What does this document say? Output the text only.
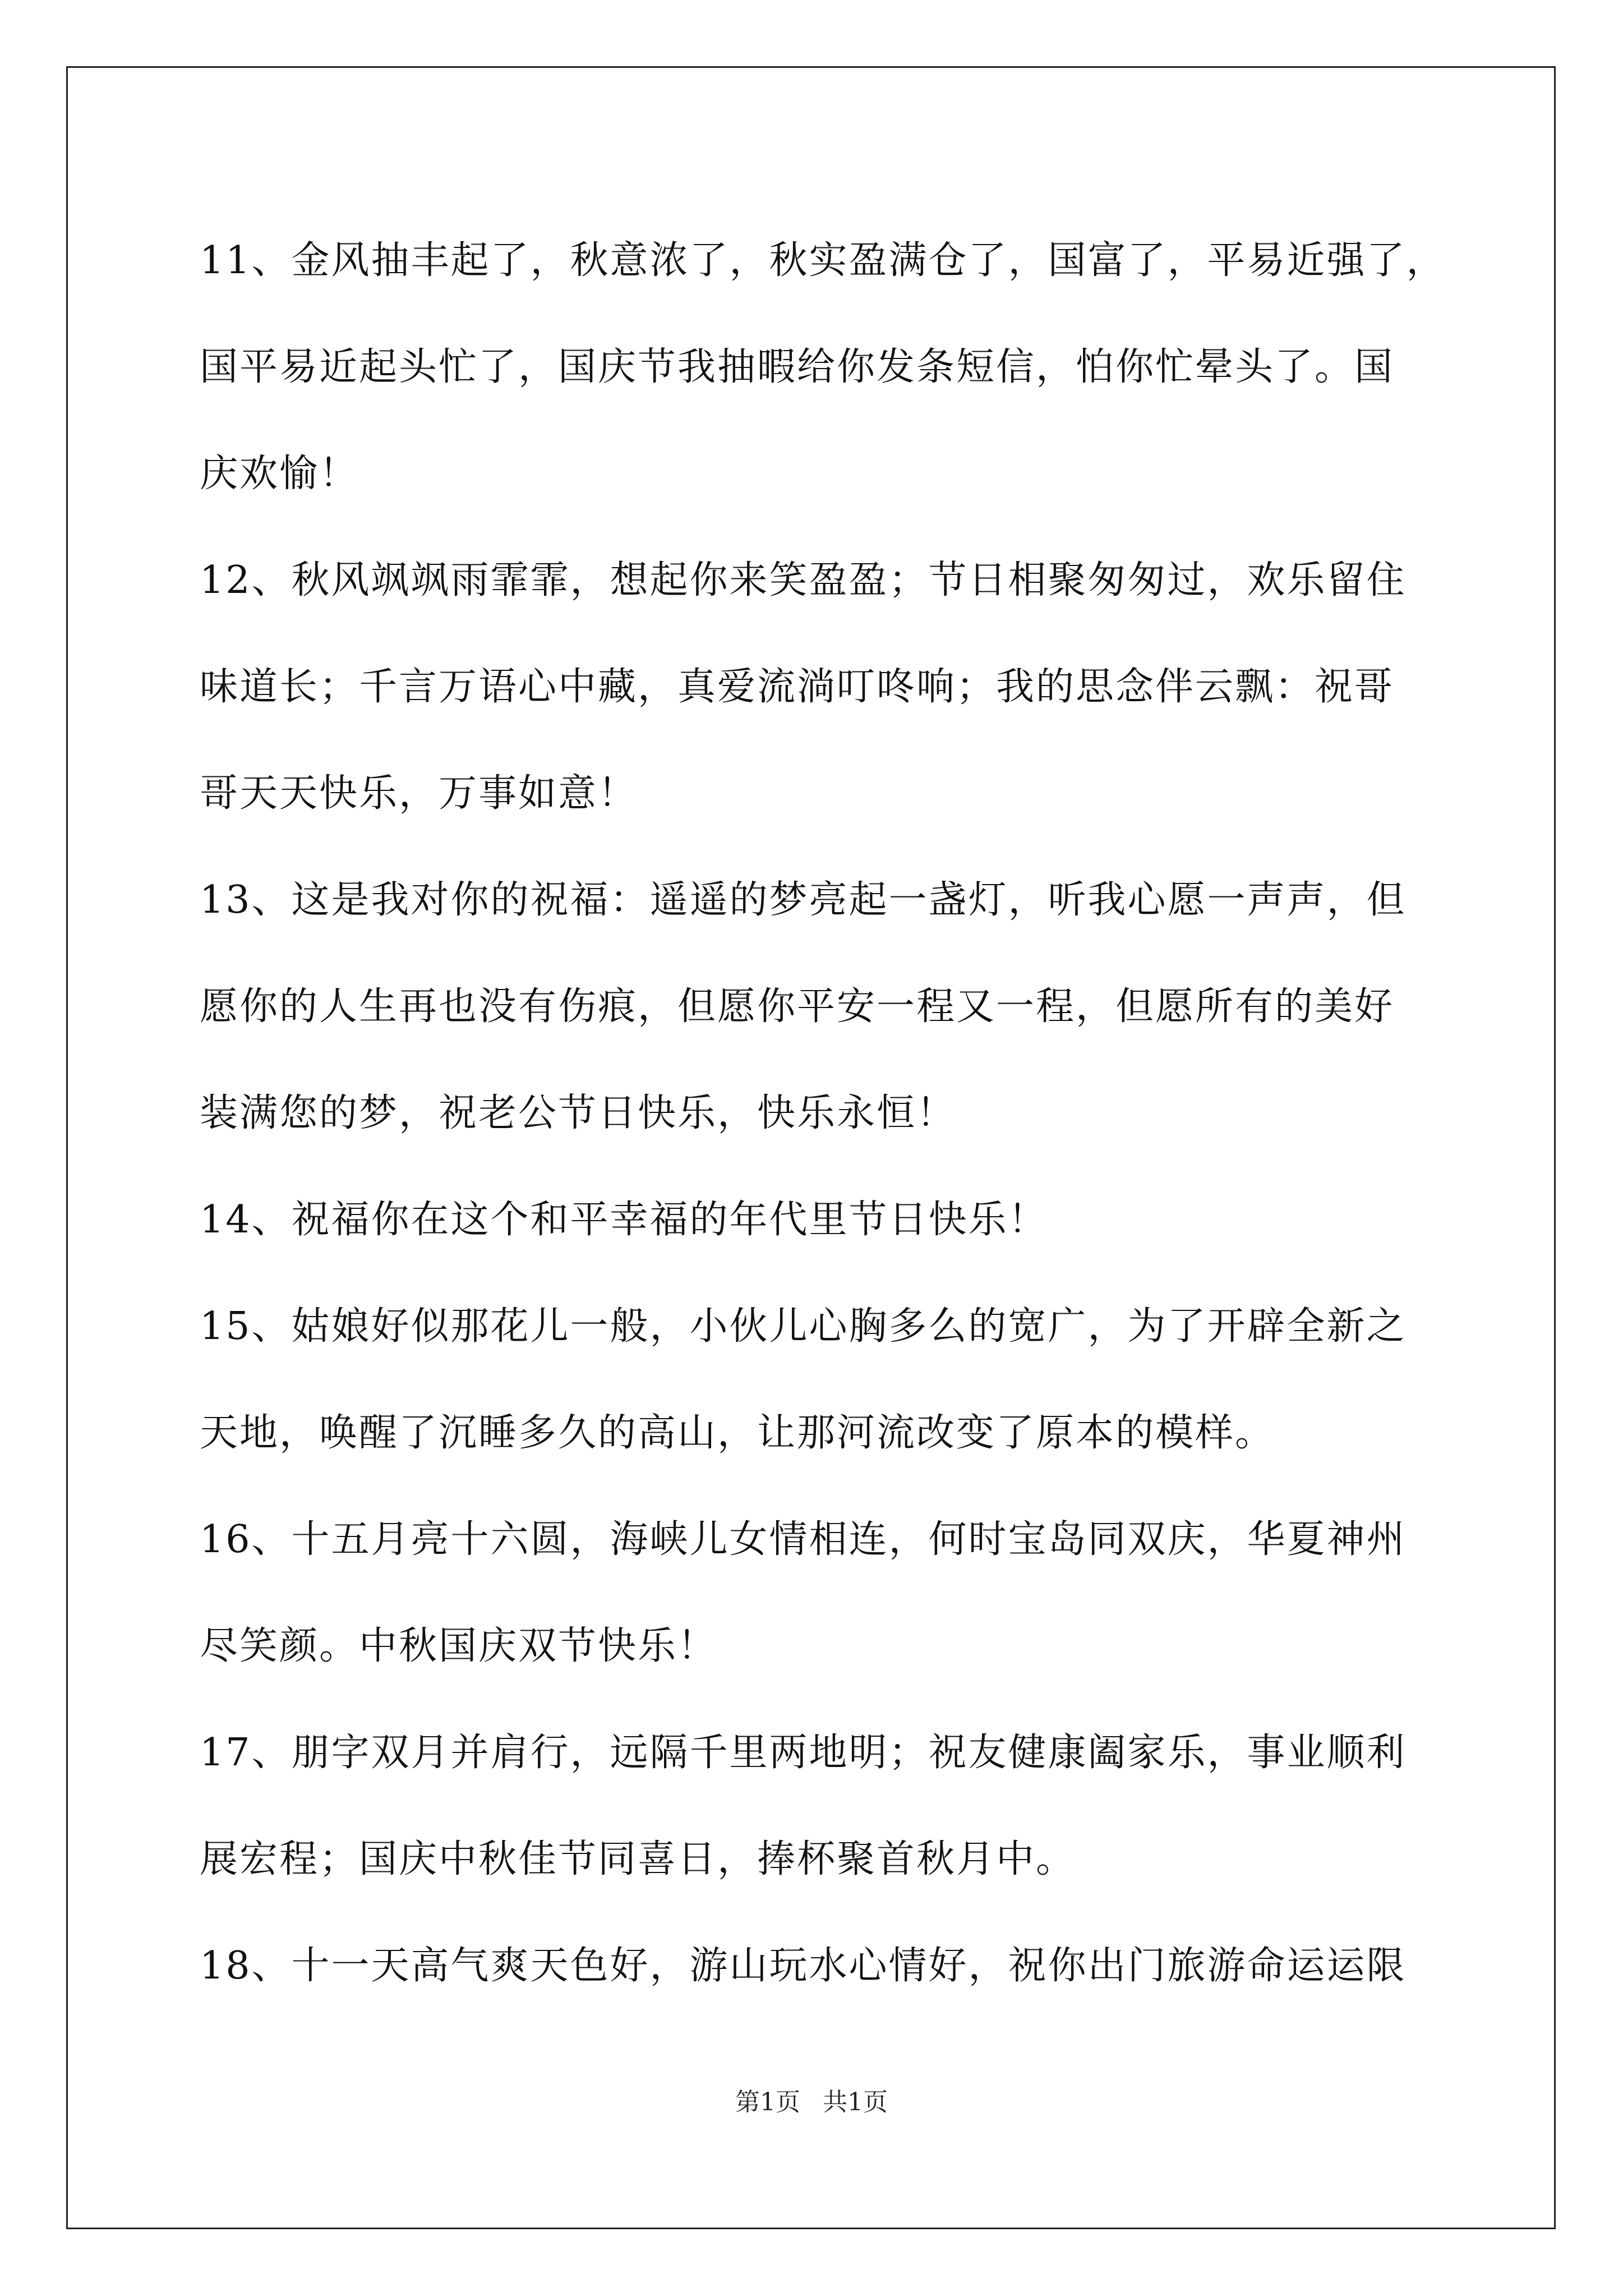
11、金风抽丰起了，秋意浓了，秋实盈满仓了，国富了，平易近强了，
国平易近起头忙了，国庆节我抽暇给你发条短信，怕你忙晕头了。国
庆欢愉！
12、秋风飒飒雨霏霏，想起你来笑盈盈；节日相聚匆匆过，欢乐留住
味道长；千言万语心中藏，真爱流淌叮咚响；我的思念伴云飘：祝哥
哥天天快乐，万事如意！
13、这是我对你的祝福：遥遥的梦亮起一盏灯，听我心愿一声声，但
愿你的人生再也没有伤痕，但愿你平安一程又一程，但愿所有的美好
装满您的梦，祝老公节日快乐，快乐永恒！
14、祝福你在这个和平幸福的年代里节日快乐！
15、姑娘好似那花儿一般，小伙儿心胸多么的宽广，为了开辟全新之
天地，唤醒了沉睡多久的高山，让那河流改变了原本的模样。
16、十五月亮十六圆，海峡儿女情相连，何时宝岛同双庆，华夏神州
尽笑颜。中秋国庆双节快乐！
17、朋字双月并肩行，远隔千里两地明；祝友健康阖家乐，事业顺利
展宏程；国庆中秋佳节同喜日，捧杯聚首秋月中。
18、十一天高气爽天色好，游山玩水心情好，祝你出门旅游命运运限
第1页 共1页
